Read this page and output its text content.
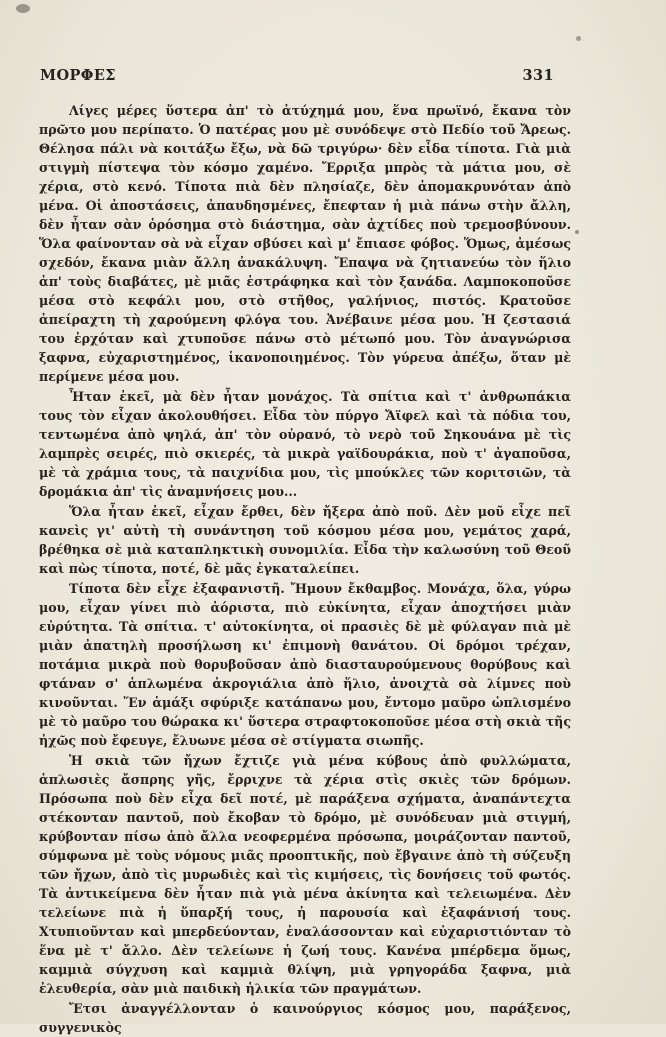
ΜΟΡΦΕΣ	331

Λίγες μέρες ὕστερα ἀπ' τὸ ἀτύχημά μου, ἕνα πρωϊνό, ἔκανα τὸν πρῶτο μου περίπατο. Ὁ πατέρας μου μὲ συνόδεψε στὸ Πεδίο τοῦ Ἄρεως. Θέλησα πάλι νὰ κοιτάξω ἔξω, νὰ δῶ τριγύρω· δὲν εἶδα τίποτα. Γιὰ μιὰ στιγμὴ πίστεψα τὸν κόσμο χαμένο. Ἔρριξα μπρὸς τὰ μάτια μου, σὲ χέρια, στὸ κενό. Τίποτα πιὰ δὲν πλησίαζε, δὲν ἀπομακρυνόταν ἀπὸ μένα. Οἱ ἀποστάσεις, ἀπαυδησμένες, ἔπεφταν ἡ μιὰ πάνω στὴν ἄλλη, δὲν ἦταν σὰν ὁρόσημα στὸ διάστημα, σὰν ἀχτίδες ποὺ τρεμοσβύνουν. Ὅλα φαίνονταν σὰ νὰ εἶχαν σβύσει καὶ μ' ἔπιασε φόβος. Ὅμως, ἀμέσως σχεδόν, ἔκανα μιὰν ἄλλη ἀνακάλυψη. Ἔπαψα νὰ ζητιανεύω τὸν ἥλιο ἀπ' τοὺς διαβάτες, μὲ μιᾶς ἐστράφηκα καὶ τὸν ξανάδα. Λαμποκοποῦσε μέσα στὸ κεφάλι μου, στὸ στῆθος, γαλήνιος, πιστός. Κρατοῦσε ἀπείραχτη τὴ χαρούμενη φλόγα του. Ἀνέβαινε μέσα μου. Ἡ ζεστασιά του ἐρχόταν καὶ χτυποῦσε πάνω στὸ μέτωπό μου. Τὸν ἀναγνώρισα ξαφνα, εὐχαριστημένος, ἱκανοποιημένος. Τὸν γύρευα ἀπέξω, ὅταν μὲ περίμενε μέσα μου.

Ἦταν ἐκεῖ, μὰ δὲν ἦταν μονάχος. Τὰ σπίτια καὶ τ' ἀνθρωπάκια τους τὸν εἶχαν ἀκολουθήσει. Εἶδα τὸν πύργο Ἄϊφελ καὶ τὰ πόδια του, τεντωμένα ἀπὸ ψηλά, ἀπ' τὸν οὐρανό, τὸ νερὸ τοῦ Σηκουάνα μὲ τὶς λαμπρὲς σειρές, πιὸ σκιερές, τὰ μικρὰ γαϊδουράκια, ποὺ τ' ἀγαποῦσα, μὲ τὰ χράμια τους, τὰ παιχνίδια μου, τὶς μπούκλες τῶν κοριτσιῶν, τὰ δρομάκια ἀπ' τὶς ἀναμνήσεις μου...

Ὅλα ἦταν ἐκεῖ, εἶχαν ἔρθει, δὲν ἤξερα ἀπὸ ποῦ. Δὲν μοῦ εἶχε πεῖ κανεὶς γι' αὐτὴ τὴ συνάντηση τοῦ κόσμου μέσα μου, γεμάτος χαρά, βρέθηκα σὲ μιὰ καταπληκτικὴ συνομιλία. Εἶδα τὴν καλωσύνη τοῦ Θεοῦ καὶ πὼς τίποτα, ποτέ, δὲ μᾶς ἐγκαταλείπει.

Τίποτα δὲν εἶχε ἐξαφανιστῆ. Ἤμουν ἔκθαμβος. Μονάχα, ὅλα, γύρω μου, εἶχαν γίνει πιὸ ἀόριστα, πιὸ εὐκίνητα, εἶχαν ἀποχτήσει μιὰν εὐρύτητα. Τὰ σπίτια. τ' αὐτοκίνητα, οἱ πρασιὲς δὲ μὲ φύλαγαν πιὰ μὲ μιὰν ἀπατηλὴ προσήλωση κι' ἐπιμονὴ θανάτου. Οἱ δρόμοι τρέχαν, ποτάμια μικρὰ ποὺ θορυβοῦσαν ἀπὸ διασταυρούμενους θορύβους καὶ φτάναν σ' ἁπλωμένα ἀκρογιάλια ἀπὸ ἥλιο, ἀνοιχτὰ σὰ λίμνες ποὺ κινοῦνται. Ἕν ἁμάξι σφύριξε κατάπανω μου, ἔντομο μαῦρο ὡπλισμένο μὲ τὸ μαῦρο του θώρακα κι' ὕστερα στραφτοκοποῦσε μέσα στὴ σκιὰ τῆς ἠχῶς ποὺ ἔφευγε, ἔλυωνε μέσα σὲ στίγματα σιωπῆς.

Ἡ σκιὰ τῶν ἤχων ἔχτιζε γιὰ μένα κύβους ἀπὸ φυλλώματα, ἁπλωσιὲς ἄσπρης γῆς, ἔρριχνε τὰ χέρια στὶς σκιὲς τῶν δρόμων. Πρόσωπα ποὺ δὲν εἶχα δεῖ ποτέ, μὲ παράξενα σχήματα, ἀναπάντεχτα στέκονταν παντοῦ, ποὺ ἔκοβαν τὸ δρόμο, μὲ συνόδευαν μιὰ στιγμή, κρύβονταν πίσω ἀπὸ ἄλλα νεοφερμένα πρόσωπα, μοιράζονταν παντοῦ, σύμφωνα μὲ τοὺς νόμους μιᾶς προοπτικῆς, ποὺ ἔβγαινε ἀπὸ τὴ σύζευξη τῶν ἤχων, ἀπὸ τὶς μυρωδιὲς καὶ τὶς κιμήσεις, τὶς δονήσεις τοῦ φωτός. Τὰ ἀντικείμενα δὲν ἦταν πιὰ γιὰ μένα ἀκίνητα καὶ τελειωμένα. Δὲν τελείωνε πιὰ ἡ ὕπαρξή τους, ἡ παρουσία καὶ ἐξαφάνισή τους. Χτυπιοῦνταν καὶ μπερδεύονταν, ἐναλάσσονταν καὶ εὐχαριστιόνταν τὸ ἕνα μὲ τ' ἄλλο. Δὲν τελείωνε ἡ ζωή τους. Κανένα μπέρδεμα ὅμως, καμμιὰ σύγχυση καὶ καμμιὰ θλίψη, μιὰ γρηγοράδα ξαφνα, μιὰ ἐλευθερία, σὰν μιὰ παιδικὴ ἡλικία τῶν πραγμάτων.

Ἔτσι ἀναγγέλλονταν ὁ καινούργιος κόσμος μου, παράξενος, συγγενικὸς
